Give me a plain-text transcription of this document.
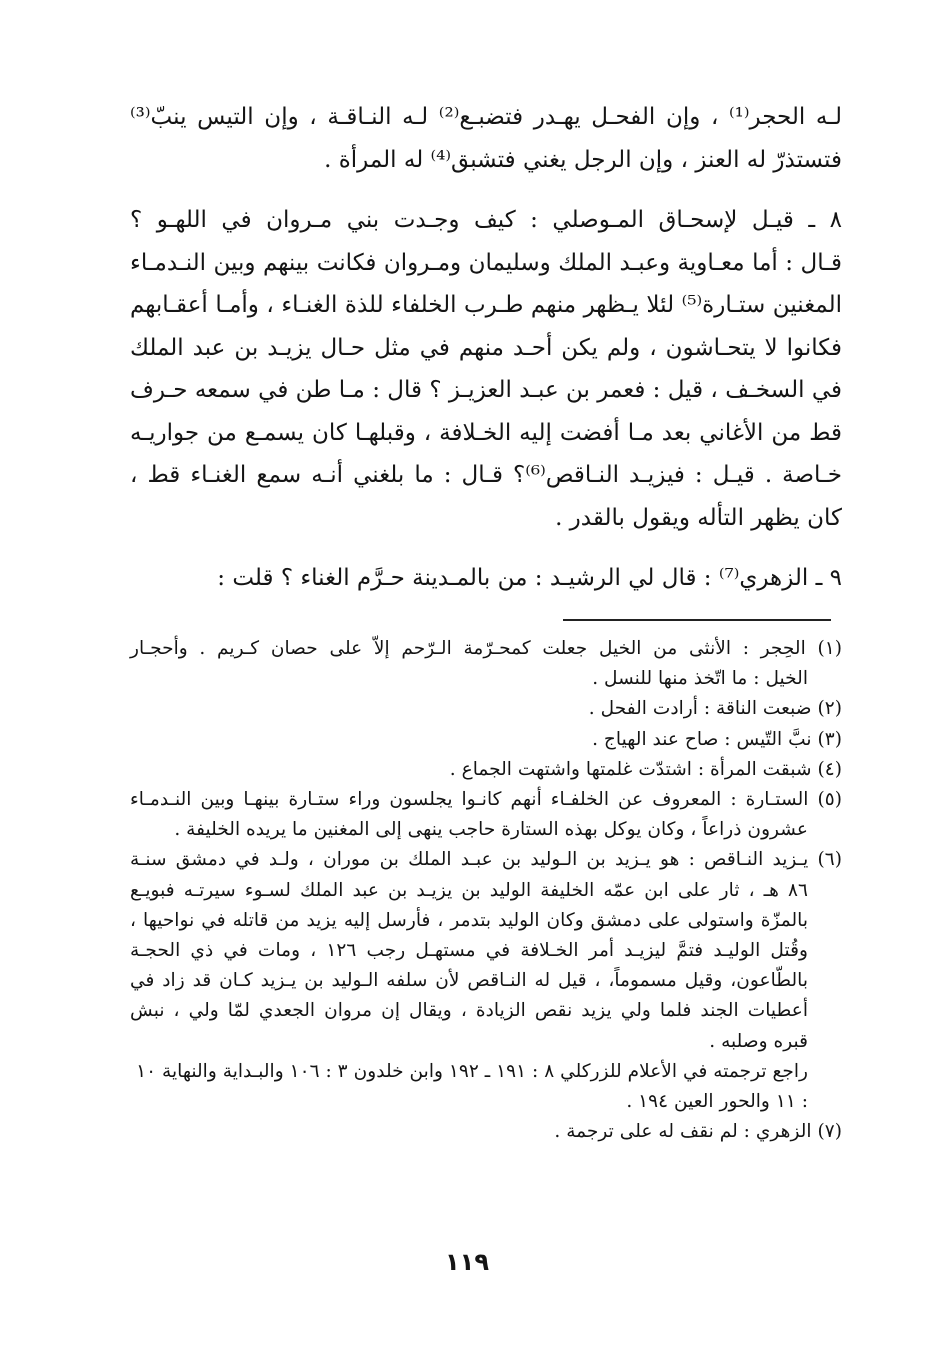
لـه الحجر⁽¹⁾ ، وإن الفحـل يهـدر فتضبـع⁽²⁾ لـه النـاقـة ، وإن التيس ينبّ⁽³⁾
فتستذرّ له العنز ، وإن الرجل يغني فتشبق⁽⁴⁾ له المرأة .

٨ ـ قيـل لإسحـاق المـوصلي : كيف وجـدت بني مـروان في اللهـو ؟
قـال : أما معـاوية وعبـد الملك وسليمان ومـروان فكانت بينهم وبين النـدمـاء
المغنين ستـارة⁽⁵⁾ لئلا يـظهر منهم طـرب الخلفاء للذة الغنـاء ، وأمـا أعقـابهم
فكانوا لا يتحـاشون ، ولم يكن أحـد منهم في مثل حـال يزيـد بن عبد الملك
في السخـف ، قيل : فعمر بن عبـد العزيـز ؟ قال : مـا طن في سمعه حـرف
قط من الأغاني بعد مـا أفضت إليه الخـلافة ، وقبلهـا كان يسمـع من جواريـه
خـاصة . قيـل : فيزيـد النـاقص⁽⁶⁾؟ قـال : ما بلغني أنـه سمع الغنـاء قط ،
كان يظهر التأله ويقول بالقدر .

٩ ـ الزهري⁽⁷⁾ : قال لي الرشيـد : من بالمـدينة حـرَّم الغناء ؟ قلت :

(١) الحِجر : الأنثى من الخيل جعلت كمحـرّمة الـرّحم إلاّ على حصان كـريم . وأحجـار
الخيل : ما اتّخذ منها للنسل .
(٢) ضبعت الناقة : أرادت الفحل .
(٣) نبَّ التّيس : صاح عند الهياج .
(٤) شبقت المرأة : اشتدّت غلمتها واشتهت الجماع .
(٥) الستـارة : المعروف عن الخلفـاء أنهم كانـوا يجلسون وراء ستـارة بينهـا وبين النـدمـاء
عشرون ذراعاً ، وكان يوكل بهذه الستارة حاجب ينهى إلى المغنين ما يريده الخليفة .
(٦) يـزيد النـاقص : هو يـزيد بن الـوليد بن عبـد الملك بن موران ، ولـد في دمشق سنـة
٨٦ هـ ، ثار على ابن عمّه الخليفة الوليد بن يزيـد بن عبد الملك لسـوء سيرتـه فبويـع
بالمزّة واستولى على دمشق وكان الوليد بتدمر ، فأرسل إليه يزيد من قاتله في نواحيها ،
وقُتل الوليـد فتمَّ ليزيـد أمر الخـلافة في مستهـل رجب ١٢٦ ، ومات في ذي الحجـة
بالطّاعون، وقيل مسموماً، ، قيل له النـاقص لأن سلفه الـوليد بن يـزيد كـان قد زاد في
أعطيات الجند فلما ولي يزيد نقص الزيادة ، ويقال إن مروان الجعدي لمّا ولي ، نبش
قبره وصلبه .
راجع ترجمته في الأعلام للزركلي ٨ : ١٩١ ـ ١٩٢ وابن خلدون ٣ : ١٠٦ والبـداية والنهاية ١٠ : ١١ والحور العين ١٩٤ .
(٧) الزهري : لم نقف له على ترجمة .
١١٩
